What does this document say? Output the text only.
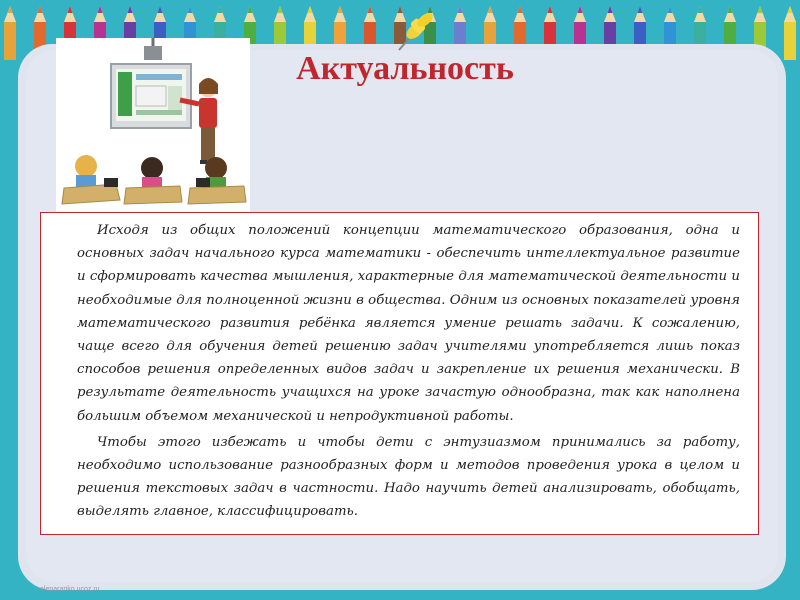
Актуальность

Исходя из общих положений концепции математического образования, одна и основных задач начального курса математики - обеспечить интеллектуальное развитие и сформировать качества мышления, характерные для математической деятельности и необходимые для полноценной жизни в общества. Одним из основных показателей уровня математического развития ребёнка является умение решать задачи. К сожалению, чаще всего для обучения детей решению задач учителями употребляется лишь показ способов решения определенных видов задач и закрепление их решения механически. В результате деятельность учащихся на уроке зачастую однообразна, так как наполнена большим объемом механической и непродуктивной работы.

Чтобы этого избежать и чтобы дети с энтузиазмом принимались за работу, необходимо использование разнообразных форм и методов проведения урока в целом и решения текстовых задач в частности. Надо научить детей анализировать, обобщать, выделять главное, классифицировать.

elenaranko.ucoz.ru
